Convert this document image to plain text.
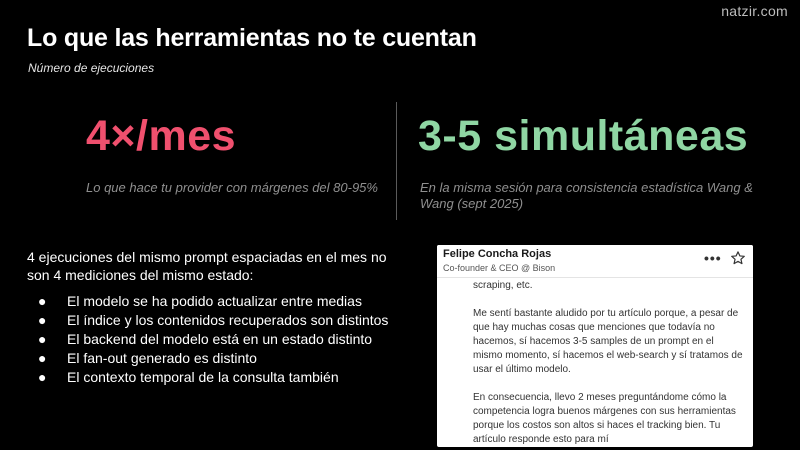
natzir.com
Lo que las herramientas no te cuentan
Número de ejecuciones
4×/mes
Lo que hace tu provider con márgenes del 80-95%
3-5 simultáneas
En la misma sesión para consistencia estadística Wang & Wang (sept 2025)
4 ejecuciones del mismo prompt espaciadas en el mes no son 4 mediciones del mismo estado:
● El modelo se ha podido actualizar entre medias
● El índice y los contenidos recuperados son distintos
● El backend del modelo está en un estado distinto
● El fan-out generado es distinto
● El contexto temporal de la consulta también

scraping, etc.

Me sentí bastante aludido por tu artículo porque, a pesar de que hay muchas cosas que menciones que todavía no hacemos, sí hacemos 3-5 samples de un prompt en el mismo momento, sí hacemos el web-search y sí tratamos de usar el último modelo.

En consecuencia, llevo 2 meses preguntándome cómo la competencia logra buenos márgenes con sus herramientas porque los costos son altos si haces el tracking bien. Tu artículo responde esto para mí

Felipe Concha Rojas
Co-founder & CEO @ Bison
•••
